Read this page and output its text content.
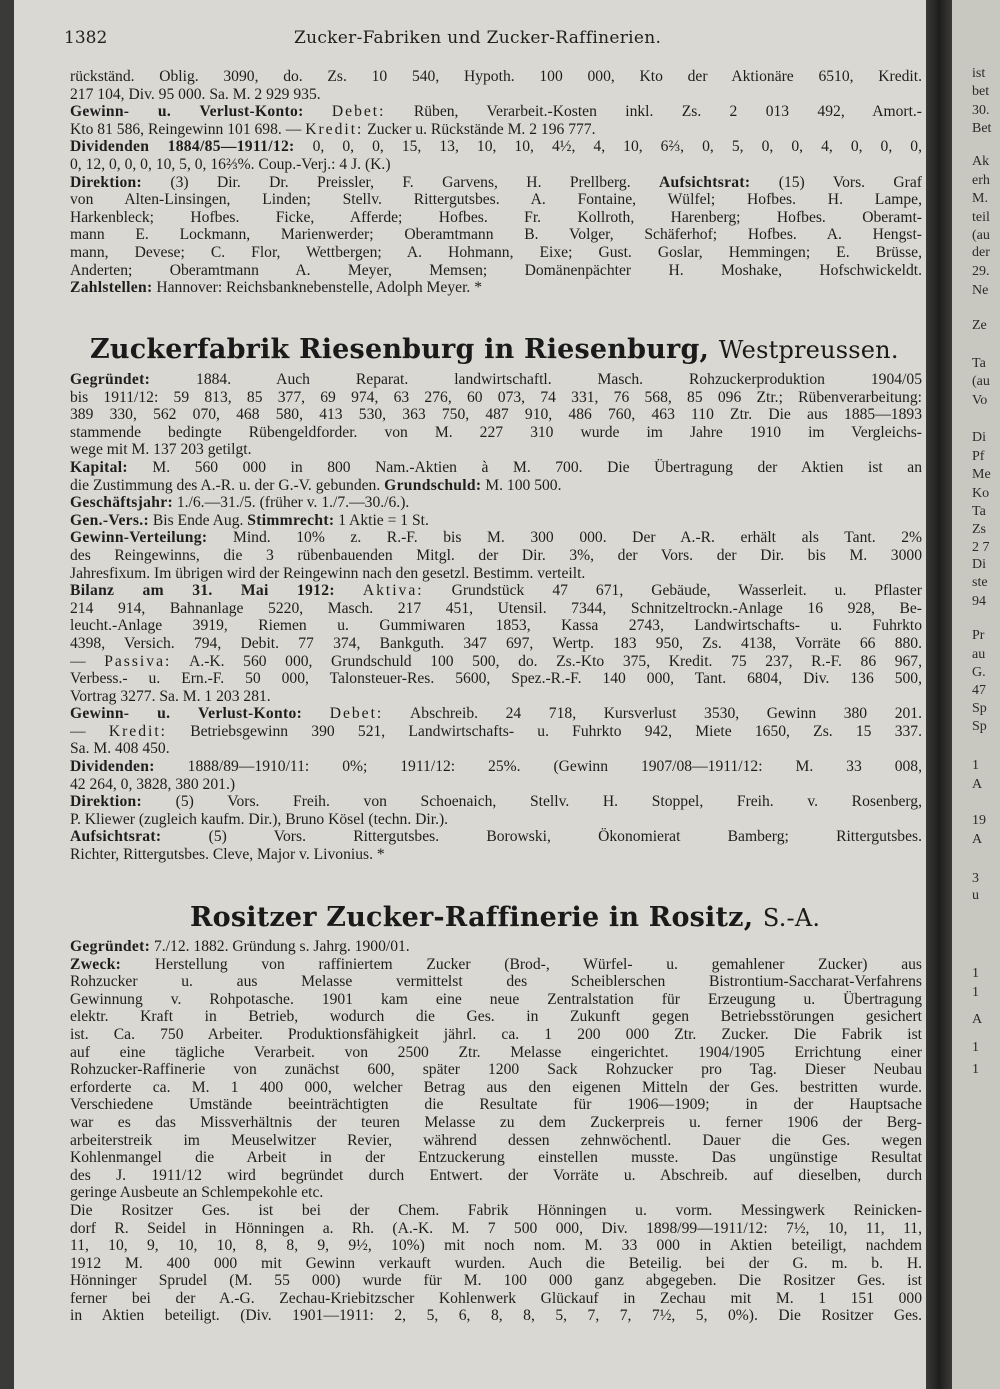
1382	Zucker-Fabriken und Zucker-Raffinerien.
rückständ. Oblig. 3090, do. Zs. 10 540, Hypoth. 100 000, Kto der Aktionäre 6510, Kredit.
217 104, Div. 95 000. Sa. M. 2 929 935.
Gewinn- u. Verlust-Konto: Debet: Rüben, Verarbeit.-Kosten inkl. Zs. 2 013 492, Amort.-
Kto 81 586, Reingewinn 101 698. — Kredit: Zucker u. Rückstände M. 2 196 777.
Dividenden 1884/85—1911/12: 0, 0, 0, 15, 13, 10, 10, 4½, 4, 10, 6⅔, 0, 5, 0, 0, 4, 0, 0, 0,
0, 12, 0, 0, 0, 10, 5, 0, 16⅔%. Coup.-Verj.: 4 J. (K.)
Direktion: (3) Dir. Dr. Preissler, F. Garvens, H. Prellberg. Aufsichtsrat: (15) Vors. Graf
von Alten-Linsingen, Linden; Stellv. Rittergutsbes. A. Fontaine, Wülfel; Hofbes. H. Lampe,
Harkenbleck; Hofbes. Ficke, Afferde; Hofbes. Fr. Kollroth, Harenberg; Hofbes. Oberamt-
mann E. Lockmann, Marienwerder; Oberamtmann B. Volger, Schäferhof; Hofbes. A. Hengst-
mann, Devese; C. Flor, Wettbergen; A. Hohmann, Eixe; Gust. Goslar, Hemmingen; E. Brüsse,
Anderten; Oberamtmann A. Meyer, Memsen; Domänenpächter H. Moshake, Hofschwickeldt.
Zahlstellen: Hannover: Reichsbanknebenstelle, Adolph Meyer. *
Zuckerfabrik Riesenburg in Riesenburg, Westpreussen.
Gegründet: 1884. Auch Reparat. landwirtschaftl. Masch. Rohzuckerproduktion 1904/05
bis 1911/12: 59 813, 85 377, 69 974, 63 276, 60 073, 74 331, 76 568, 85 096 Ztr.; Rübenverarbeitung:
389 330, 562 070, 468 580, 413 530, 363 750, 487 910, 486 760, 463 110 Ztr. Die aus 1885—1893
stammende bedingte Rübengeldforder. von M. 227 310 wurde im Jahre 1910 im Vergleichs-
wege mit M. 137 203 getilgt.
Kapital: M. 560 000 in 800 Nam.-Aktien à M. 700. Die Übertragung der Aktien ist an
die Zustimmung des A.-R. u. der G.-V. gebunden. Grundschuld: M. 100 500.
Geschäftsjahr: 1./6.—31./5. (früher v. 1./7.—30./6.).
Gen.-Vers.: Bis Ende Aug. Stimmrecht: 1 Aktie = 1 St.
Gewinn-Verteilung: Mind. 10% z. R.-F. bis M. 300 000. Der A.-R. erhält als Tant. 2%
des Reingewinns, die 3 rübenbauenden Mitgl. der Dir. 3%, der Vors. der Dir. bis M. 3000
Jahresfixum. Im übrigen wird der Reingewinn nach den gesetzl. Bestimm. verteilt.
Bilanz am 31. Mai 1912: Aktiva: Grundstück 47 671, Gebäude, Wasserleit. u. Pflaster
214 914, Bahnanlage 5220, Masch. 217 451, Utensil. 7344, Schnitzeltrockn.-Anlage 16 928, Be-
leucht.-Anlage 3919, Riemen u. Gummiwaren 1853, Kassa 2743, Landwirtschafts- u. Fuhrkto
4398, Versich. 794, Debit. 77 374, Bankguth. 347 697, Wertp. 183 950, Zs. 4138, Vorräte 66 880.
— Passiva: A.-K. 560 000, Grundschuld 100 500, do. Zs.-Kto 375, Kredit. 75 237, R.-F. 86 967,
Verbess.- u. Ern.-F. 50 000, Talonsteuer-Res. 5600, Spez.-R.-F. 140 000, Tant. 6804, Div. 136 500,
Vortrag 3277. Sa. M. 1 203 281.
Gewinn- u. Verlust-Konto: Debet: Abschreib. 24 718, Kursverlust 3530, Gewinn 380 201.
— Kredit: Betriebsgewinn 390 521, Landwirtschafts- u. Fuhrkto 942, Miete 1650, Zs. 15 337.
Sa. M. 408 450.
Dividenden: 1888/89—1910/11: 0%; 1911/12: 25%. (Gewinn 1907/08—1911/12: M. 33 008,
42 264, 0, 3828, 380 201.)
Direktion: (5) Vors. Freih. von Schoenaich, Stellv. H. Stoppel, Freih. v. Rosenberg,
P. Kliewer (zugleich kaufm. Dir.), Bruno Kösel (techn. Dir.).
Aufsichtsrat: (5) Vors. Rittergutsbes. Borowski, Ökonomierat Bamberg; Rittergutsbes.
Richter, Rittergutsbes. Cleve, Major v. Livonius. *
Rositzer Zucker-Raffinerie in Rositz, S.-A.
Gegründet: 7./12. 1882. Gründung s. Jahrg. 1900/01.
Zweck: Herstellung von raffiniertem Zucker (Brod-, Würfel- u. gemahlener Zucker) aus
Rohzucker u. aus Melasse vermittelst des Scheiblerschen Bistrontium-Saccharat-Verfahrens
Gewinnung v. Rohpotasche. 1901 kam eine neue Zentralstation für Erzeugung u. Übertragung
elektr. Kraft in Betrieb, wodurch die Ges. in Zukunft gegen Betriebsstörungen gesichert
ist. Ca. 750 Arbeiter. Produktionsfähigkeit jährl. ca. 1 200 000 Ztr. Zucker. Die Fabrik ist
auf eine tägliche Verarbeit. von 2500 Ztr. Melasse eingerichtet. 1904/1905 Errichtung einer
Rohzucker-Raffinerie von zunächst 600, später 1200 Sack Rohzucker pro Tag. Dieser Neubau
erforderte ca. M. 1 400 000, welcher Betrag aus den eigenen Mitteln der Ges. bestritten wurde.
Verschiedene Umstände beeinträchtigten die Resultate für 1906—1909; in der Hauptsache
war es das Missverhältnis der teuren Melasse zu dem Zuckerpreis u. ferner 1906 der Berg-
arbeiterstreik im Meuselwitzer Revier, während dessen zehnwöchentl. Dauer die Ges. wegen
Kohlenmangel die Arbeit in der Entzuckerung einstellen musste. Das ungünstige Resultat
des J. 1911/12 wird begründet durch Entwert. der Vorräte u. Abschreib. auf dieselben, durch
geringe Ausbeute an Schlempekohle etc.
Die Rositzer Ges. ist bei der Chem. Fabrik Hönningen u. vorm. Messingwerk Reinicken-
dorf R. Seidel in Hönningen a. Rh. (A.-K. M. 7 500 000, Div. 1898/99—1911/12: 7½, 10, 11, 11,
11, 10, 9, 10, 10, 8, 8, 9, 9½, 10%) mit noch nom. M. 33 000 in Aktien beteiligt, nachdem
1912 M. 400 000 mit Gewinn verkauft wurden. Auch die Beteilig. bei der G. m. b. H.
Hönninger Sprudel (M. 55 000) wurde für M. 100 000 ganz abgegeben. Die Rositzer Ges. ist
ferner bei der A.-G. Zechau-Kriebitzscher Kohlenwerk Glückauf in Zechau mit M. 1 151 000
in Aktien beteiligt. (Div. 1901—1911: 2, 5, 6, 8, 8, 5, 7, 7, 7½, 5, 0%). Die Rositzer Ges.
ist
bet
30.
Bet
Ak
erh
M.
teil
(au
der
29.
Ne
Ze
Ta
(au
Vo
Di
Pf
Me
Ko
Ta
Zs
2 7
Di
ste
94
Pr
au
G.
47
Sp
Sp
1
A
19
A
3
u
1
1
A
1
1
